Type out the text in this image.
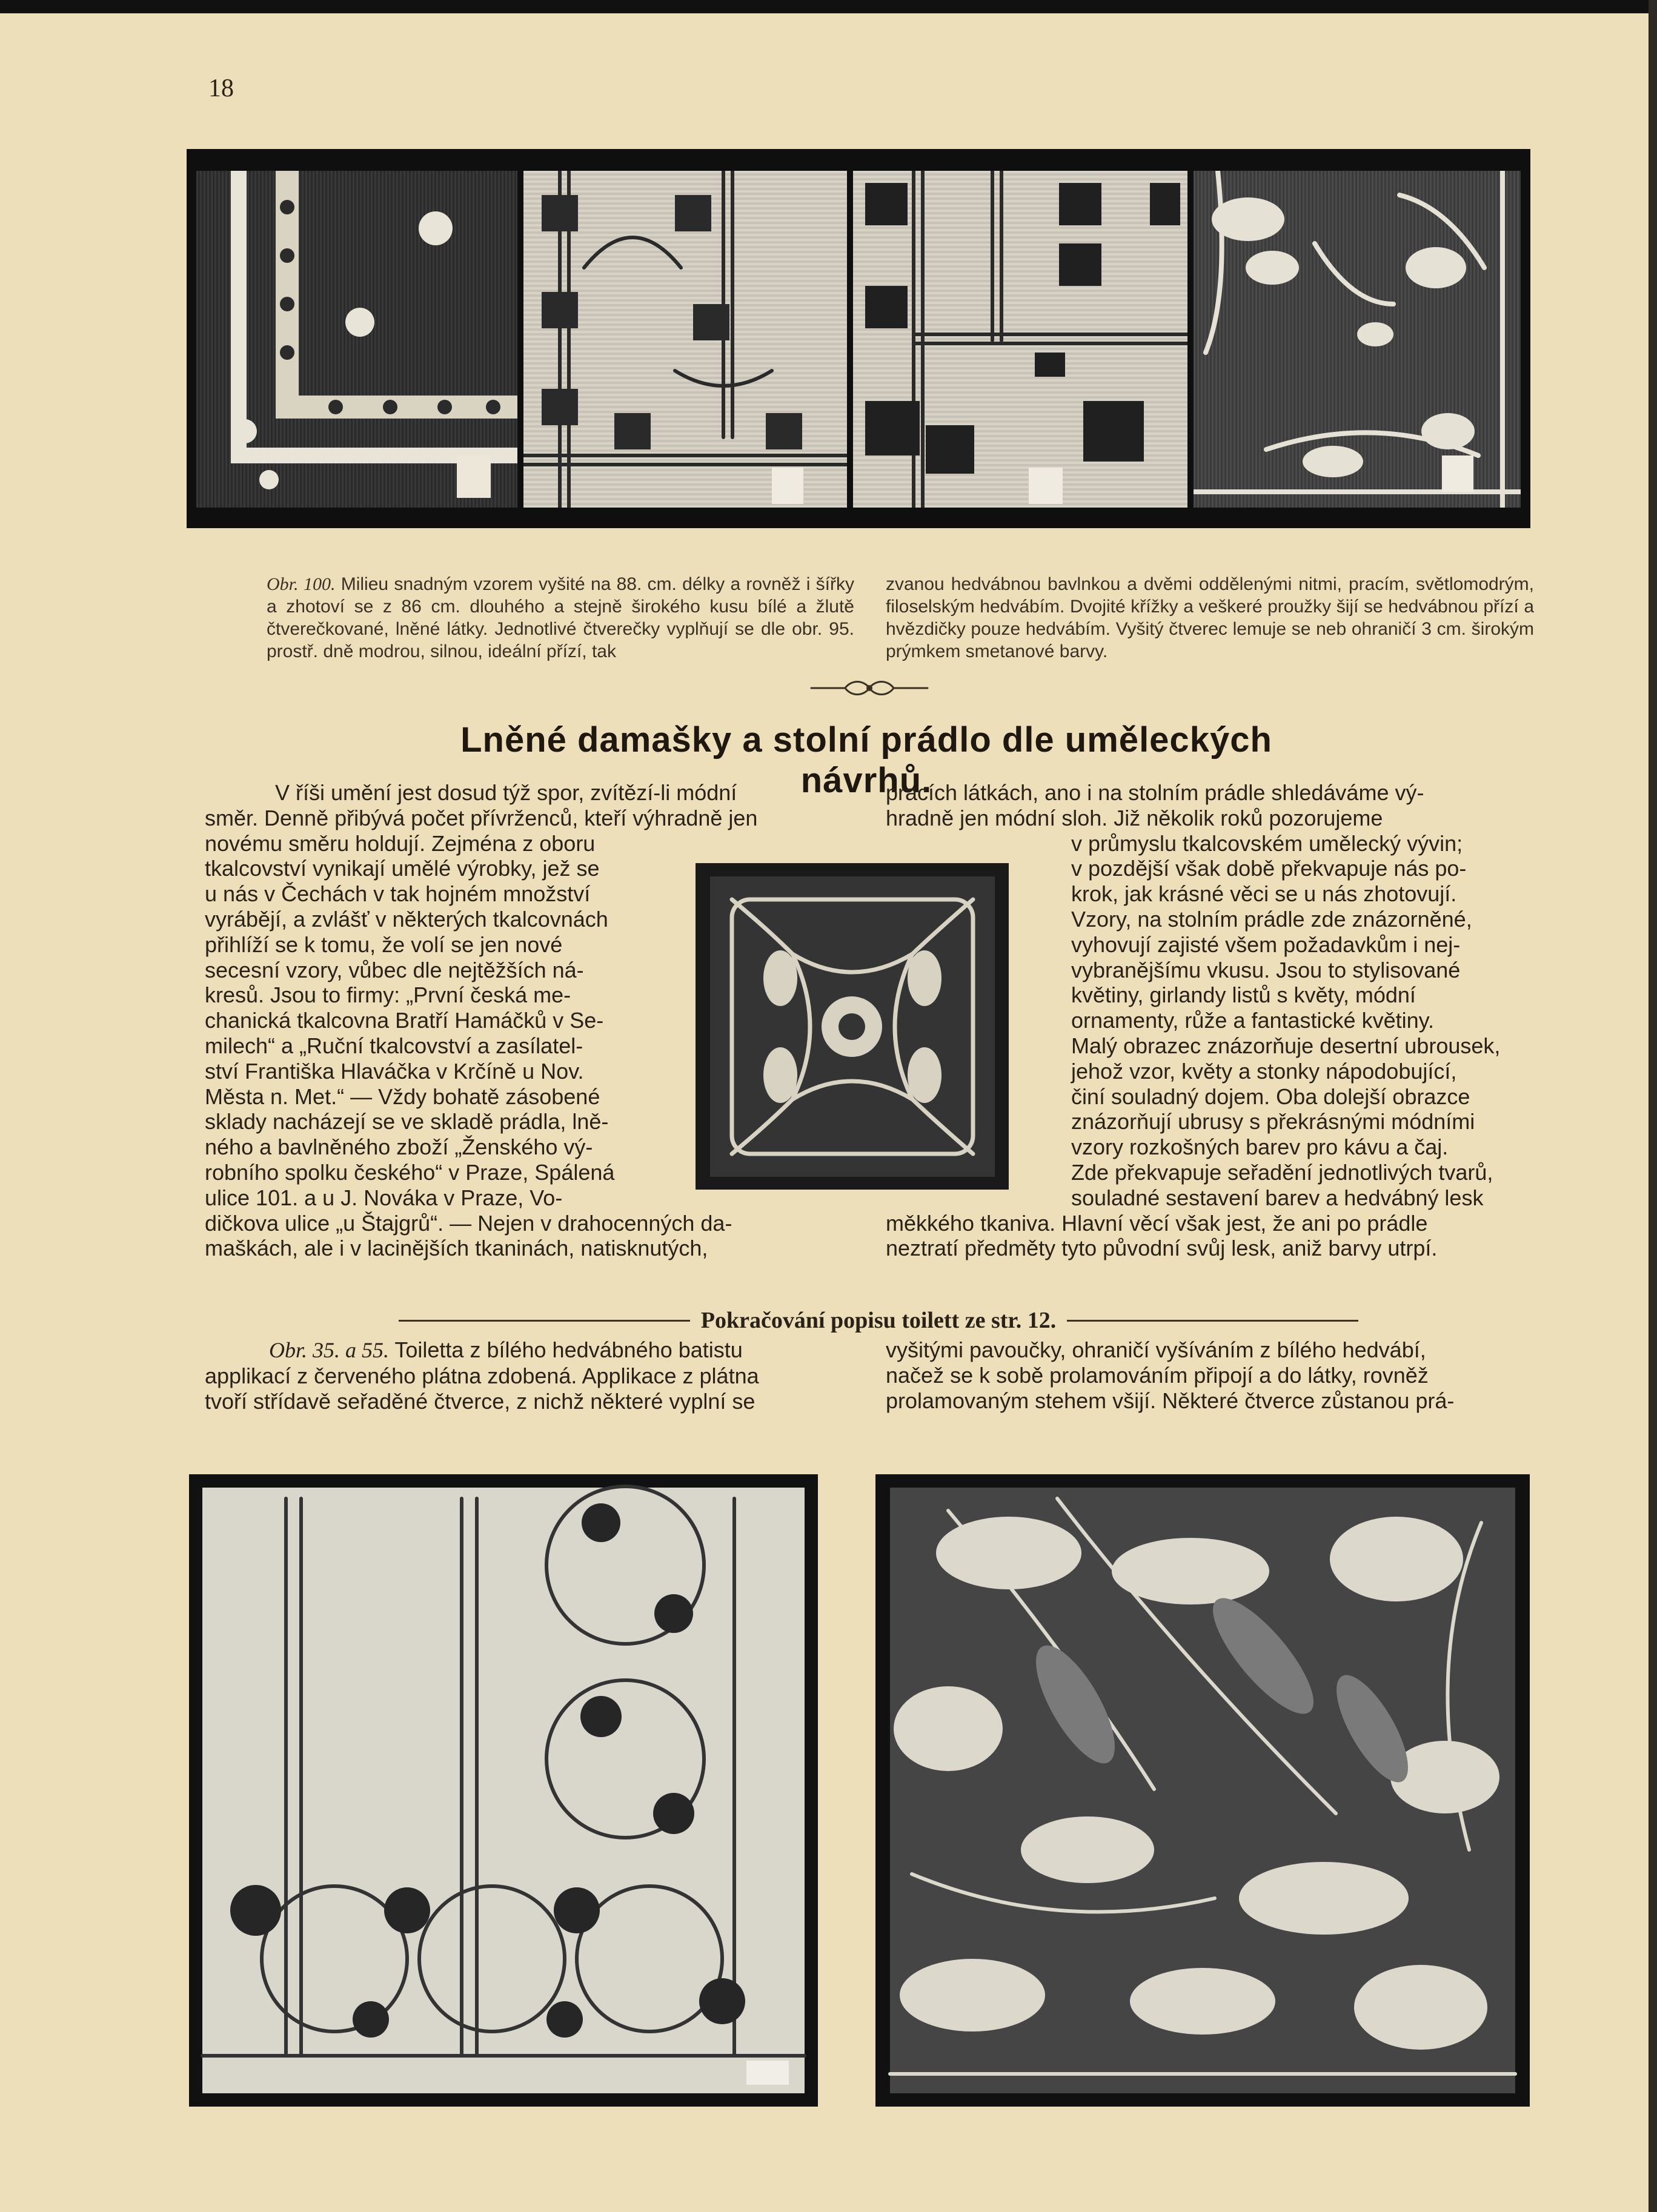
18
Obr. 100. Milieu snadným vzorem vyšité na 88. cm. délky a rovněž i šířky a zhotoví se z 86 cm. dlouhého a stejně širokého kusu bílé a žlutě čtverečkované, lněné látky. Jednotlivé čtverečky vyplňují se dle obr. 95. prostř. dně modrou, silnou, ideální přízí, tak
zvanou hedvábnou bavlnkou a dvěmi oddělenými nitmi, pracím, světlomodrým, filoselským hedvábím. Dvojité křížky a veškeré proužky šijí se hedvábnou přízí a hvězdičky pouze hedvábím. Vyšitý čtverec lemuje se neb ohraničí 3 cm. širokým prýmkem smetanové barvy.
Lněné damašky a stolní prádlo dle uměleckých návrhů.
V říši umění jest dosud týž spor, zvítězí-li módní
směr. Denně přibývá počet přívrženců, kteří výhradně jen
novému směru holdují. Zejména z oboru
tkalcovství vynikají umělé výrobky, jež se
u nás v Čechách v tak hojném množství
vyrábějí, a zvlášť v některých tkalcovnách
přihlíží se k tomu, že volí se jen nové
secesní vzory, vůbec dle nejtěžších ná-
kresů. Jsou to firmy: „První česká me-
chanická tkalcovna Bratří Hamáčků v Se-
milech“ a „Ruční tkalcovství a zasílatel-
ství Františka Hlaváčka v Krčíně u Nov.
Města n. Met.“ — Vždy bohatě zásobené
sklady nacházejí se ve skladě prádla, lně-
ného a bavlněného zboží „Ženského vý-
robního spolku českého“ v Praze, Spálená
ulice 101. a u J. Nováka v Praze, Vo-
dičkova ulice „u Štajgrů“. — Nejen v drahocenných da-
maškách, ale i v lacinějších tkaninách, natisknutých,
pracích látkách, ano i na stolním prádle shledáváme vý-
hradně jen módní sloh. Již několik roků pozorujeme
v průmyslu tkalcovském umělecký vývin;
v pozdější však době překvapuje nás po-
krok, jak krásné věci se u nás zhotovují.
Vzory, na stolním prádle zde znázorněné,
vyhovují zajisté všem požadavkům i nej-
vybranějšímu vkusu. Jsou to stylisované
květiny, girlandy listů s květy, módní
ornamenty, růže a fantastické květiny.
Malý obrazec znázorňuje desertní ubrousek,
jehož vzor, květy a stonky nápodobující,
činí souladný dojem. Oba dolejší obrazce
znázorňují ubrusy s překrásnými módními
vzory rozkošných barev pro kávu a čaj.
Zde překvapuje seřadění jednotlivých tvarů,
souladné sestavení barev a hedvábný lesk
měkkého tkaniva. Hlavní věcí však jest, že ani po prádle
neztratí předměty tyto původní svůj lesk, aniž barvy utrpí.
Pokračování popisu toilett ze str. 12.
Obr. 35. a 55. Toiletta z bílého hedvábného batistu
applikací z červeného plátna zdobená. Applikace z plátna
tvoří střídavě seřaděné čtverce, z nichž některé vyplní se
vyšitými pavoučky, ohraničí vyšíváním z bílého hedvábí,
načež se k sobě prolamováním připojí a do látky, rovněž
prolamovaným stehem všijí. Některé čtverce zůstanou prá-
